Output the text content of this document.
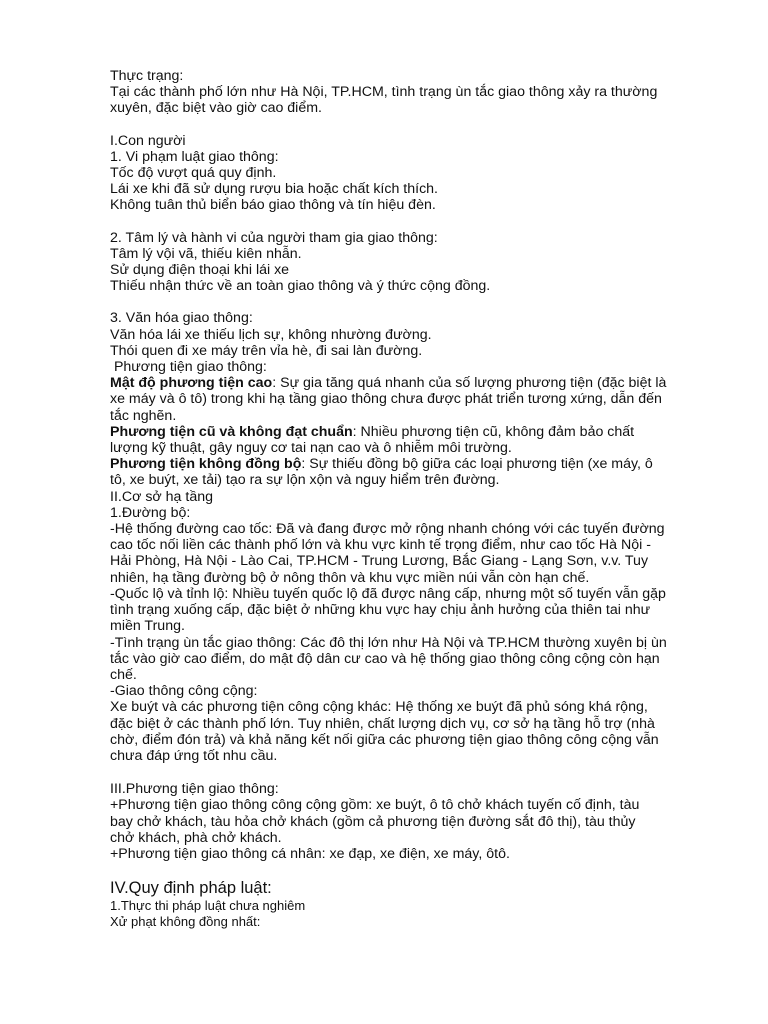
Thực trạng:

Tại các thành phố lớn như Hà Nội, TP.HCM, tình trạng ùn tắc giao thông xảy ra thường

xuyên, đặc biệt vào giờ cao điểm.

I.Con người

1. Vi phạm luật giao thông:

Tốc độ vượt quá quy định.

Lái xe khi đã sử dụng rượu bia hoặc chất kích thích.

Không tuân thủ biển báo giao thông và tín hiệu đèn.

2. Tâm lý và hành vi của người tham gia giao thông:

Tâm lý vội vã, thiếu kiên nhẫn.

Sử dụng điện thoại khi lái xe

Thiếu nhận thức về an toàn giao thông và ý thức cộng đồng.

3. Văn hóa giao thông:

Văn hóa lái xe thiếu lịch sự, không nhường đường.

Thói quen đi xe máy trên vỉa hè, đi sai làn đường.

Phương tiện giao thông:

Mật độ phương tiện cao: Sự gia tăng quá nhanh của số lượng phương tiện (đặc biệt là

xe máy và ô tô) trong khi hạ tầng giao thông chưa được phát triển tương xứng, dẫn đến

tắc nghẽn.

Phương tiện cũ và không đạt chuẩn: Nhiều phương tiện cũ, không đảm bảo chất

lượng kỹ thuật, gây nguy cơ tai nạn cao và ô nhiễm môi trường.

Phương tiện không đồng bộ: Sự thiếu đồng bộ giữa các loại phương tiện (xe máy, ô

tô, xe buýt, xe tải) tạo ra sự lộn xộn và nguy hiểm trên đường.

II.Cơ sở hạ tầng

1.Đường bộ:

-Hệ thống đường cao tốc: Đã và đang được mở rộng nhanh chóng với các tuyến đường

cao tốc nối liền các thành phố lớn và khu vực kinh tế trọng điểm, như cao tốc Hà Nội -

Hải Phòng, Hà Nội - Lào Cai, TP.HCM - Trung Lương, Bắc Giang - Lạng Sơn, v.v. Tuy

nhiên, hạ tầng đường bộ ở nông thôn và khu vực miền núi vẫn còn hạn chế.

-Quốc lộ và tỉnh lộ: Nhiều tuyến quốc lộ đã được nâng cấp, nhưng một số tuyến vẫn gặp

tình trạng xuống cấp, đặc biệt ở những khu vực hay chịu ảnh hưởng của thiên tai như

miền Trung.

-Tình trạng ùn tắc giao thông: Các đô thị lớn như Hà Nội và TP.HCM thường xuyên bị ùn

tắc vào giờ cao điểm, do mật độ dân cư cao và hệ thống giao thông công cộng còn hạn

chế.

-Giao thông công cộng:

Xe buýt và các phương tiện công cộng khác: Hệ thống xe buýt đã phủ sóng khá rộng,

đặc biệt ở các thành phố lớn. Tuy nhiên, chất lượng dịch vụ, cơ sở hạ tầng hỗ trợ (nhà

chờ, điểm đón trả) và khả năng kết nối giữa các phương tiện giao thông công cộng vẫn

chưa đáp ứng tốt nhu cầu.

III.Phương tiện giao thông:

+Phương tiện giao thông công cộng gồm: xe buýt, ô tô chở khách tuyến cố định, tàu

bay chở khách, tàu hỏa chở khách (gồm cả phương tiện đường sắt đô thị), tàu thủy

chở khách, phà chở khách.

+Phương tiện giao thông cá nhân: xe đạp, xe điện, xe máy, ôtô.

IV.Quy định pháp luật:

1.Thực thi pháp luật chưa nghiêm

Xử phạt không đồng nhất:
